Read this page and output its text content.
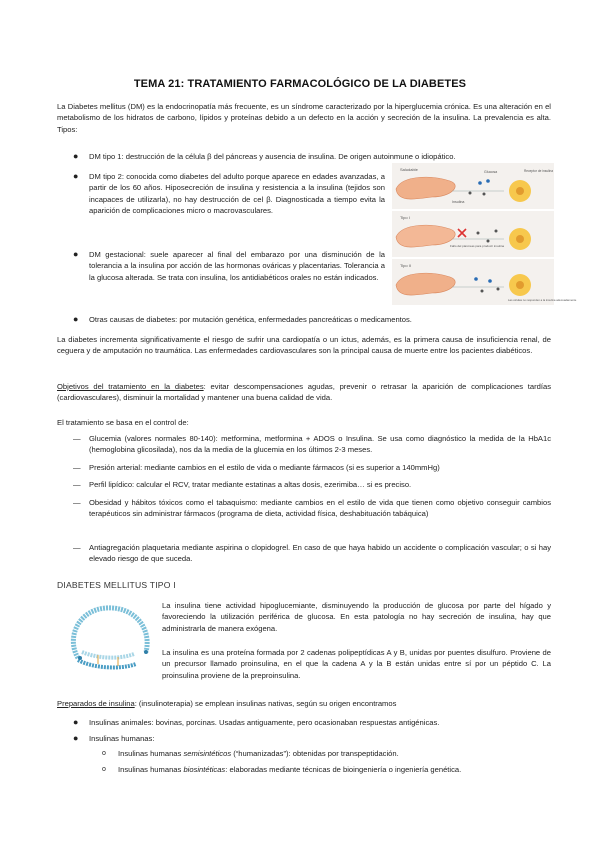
TEMA 21: TRATAMIENTO FARMACOLÓGICO DE LA DIABETES
La Diabetes mellitus (DM) es la endocrinopatía más frecuente, es un síndrome caracterizado por la hiperglucemia crónica. Es una alteración en el metabolismo de los hidratos de carbono, lípidos y proteínas debido a un defecto en la acción y secreción de la insulina. La prevalencia es alta. Tipos:
● DM tipo 1: destrucción de la célula β del páncreas y ausencia de insulina. De origen autoinmune o idiopático.
● DM tipo 2: conocida como diabetes del adulto porque aparece en edades avanzadas, a partir de los 60 años. Hiposecreción de insulina y resistencia a la insulina (tejidos son incapaces de utilizarla), no hay destrucción de cel β. Diagnosticada a tiempo evita la aparición de complicaciones micro o macrovasculares.
● DM gestacional: suele aparecer al final del embarazo por una disminución de la tolerancia a la insulina por acción de las hormonas ováricas y placentarias. Tolerancia a la glucosa alterada. Se trata con insulina, los antidiabéticos orales no están indicados.
● Otras causas de diabetes: por mutación genética, enfermedades pancreáticas o medicamentos.
Saludable	Glucosa
Insulina
Receptor de insulina
Tipo I
Fallo del páncreas para producir insulina
Tipo II
Las células no responden a la insulina adecuadamente
La diabetes incrementa significativamente el riesgo de sufrir una cardiopatía o un ictus, además, es la primera causa de insuficiencia renal, de ceguera y de amputación no traumática. Las enfermedades cardiovasculares son la principal causa de muerte entre los pacientes diabéticos.
Objetivos del tratamiento en la diabetes: evitar descompensaciones agudas, prevenir o retrasar la aparición de complicaciones tardías (cardiovasculares), disminuir la mortalidad y mantener una buena calidad de vida.
El tratamiento se basa en el control de:
— Glucemia (valores normales 80-140): metformina, metformina + ADOS o Insulina. Se usa como diagnóstico la medida de la HbA1c (hemoglobina glicosilada), nos da la media de la glucemia en los últimos 2-3 meses.
— Presión arterial: mediante cambios en el estilo de vida o mediante fármacos (si es superior a 140mmHg)
— Perfil lipídico: calcular el RCV, tratar mediante estatinas a altas dosis, ezerimiba… si es preciso.
— Obesidad y hábitos tóxicos como el tabaquismo: mediante cambios en el estilo de vida que tienen como objetivo conseguir cambios terapéuticos sin administrar fármacos (programa de dieta, actividad física, deshabituación tabáquica)
— Antiagregación plaquetaria mediante aspirina o clopidogrel. En caso de que haya habido un accidente o complicación vascular; o si hay elevado riesgo de que suceda.
DIABETES MELLITUS TIPO I
La insulina tiene actividad hipoglucemiante, disminuyendo la producción de glucosa por parte del hígado y favoreciendo la utilización periférica de glucosa. En esta patología no hay secreción de insulina, hay que administrarla de manera exógena.
La insulina es una proteína formada por 2 cadenas polipeptídicas A y B, unidas por puentes disulfuro. Proviene de un precursor llamado proinsulina, en el que la cadena A y la B están unidas entre sí por un péptido C. La proinsulina proviene de la preproinsulina.
Preparados de insulina: (insulinoterapia) se emplean insulinas nativas, según su origen encontramos
● Insulinas animales: bovinas, porcinas. Usadas antiguamente, pero ocasionaban respuestas antigénicas.
● Insulinas humanas:
o Insulinas humanas semisintéticos (“humanizadas”): obtenidas por transpeptidación.
o Insulinas humanas biosintéticas: elaboradas mediante técnicas de bioingeniería o ingeniería genética.
